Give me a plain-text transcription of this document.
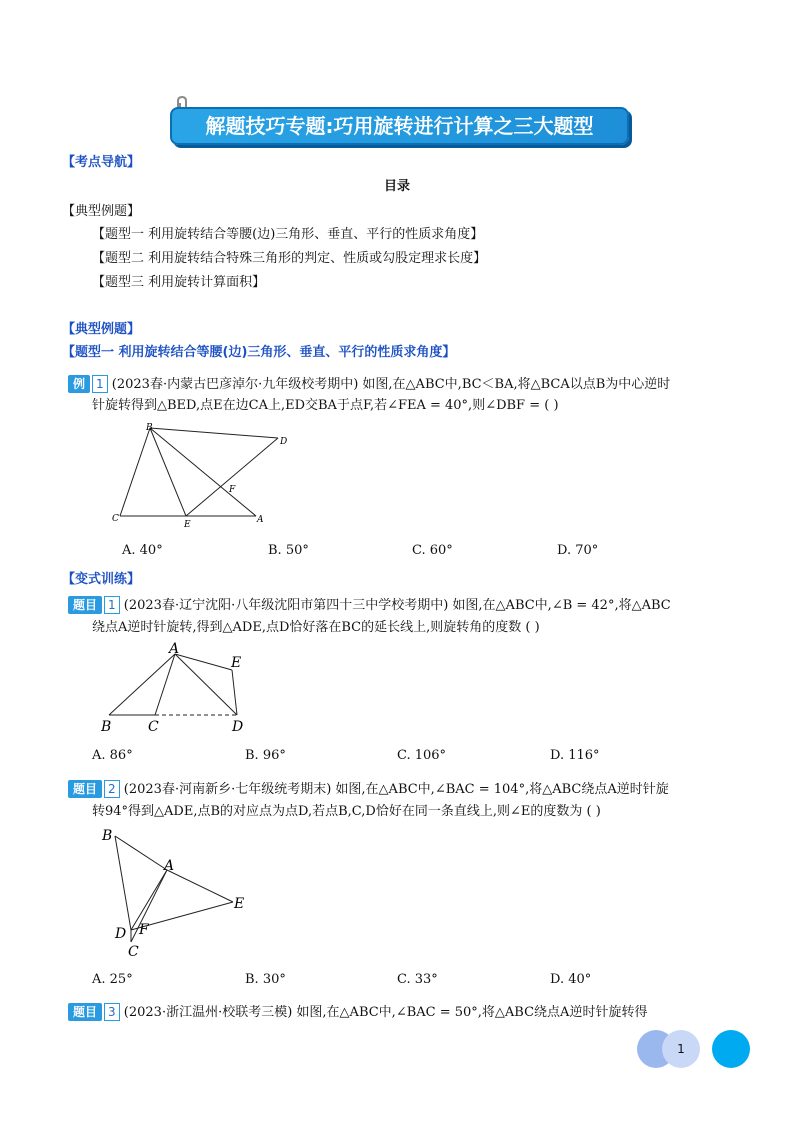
解题技巧专题:巧用旋转进行计算之三大题型
【考点导航】
目录
【典型例题】
【题型一 利用旋转结合等腰(边)三角形、垂直、平行的性质求角度】
【题型二 利用旋转结合特殊三角形的判定、性质或勾股定理求长度】
【题型三 利用旋转计算面积】
【典型例题】
【题型一 利用旋转结合等腰(边)三角形、垂直、平行的性质求角度】
例 1 (2023春·内蒙古巴彦淖尔·九年级校考期中) 如图,在△ABC中,BC＜BA,将△BCA以点B为中心逆时
针旋转得到△BED,点E在边CA上,ED交BA于点F,若∠FEA = 40°,则∠DBF = ( )
B
D
F
C
E	A
A. 40°	B. 50°	C. 60°	D. 70°
【变式训练】
题目 1 (2023春·辽宁沈阳·八年级沈阳市第四十三中学校考期中) 如图,在△ABC中,∠B = 42°,将△ABC
绕点A逆时针旋转,得到△ADE,点D恰好落在BC的延长线上,则旋转角的度数 ( )
A
E
B	C	D
A. 86°	B. 96°	C. 106°	D. 116°
题目 2 (2023春·河南新乡·七年级统考期末) 如图,在△ABC中,∠BAC = 104°,将△ABC绕点A逆时针旋
转94°得到△ADE,点B的对应点为点D,若点B,C,D恰好在同一条直线上,则∠E的度数为 ( )
B
A
E
D F
C
A. 25°	B. 30°	C. 33°	D. 40°
题目 3 (2023·浙江温州·校联考三模) 如图,在△ABC中,∠BAC = 50°,将△ABC绕点A逆时针旋转得
1
